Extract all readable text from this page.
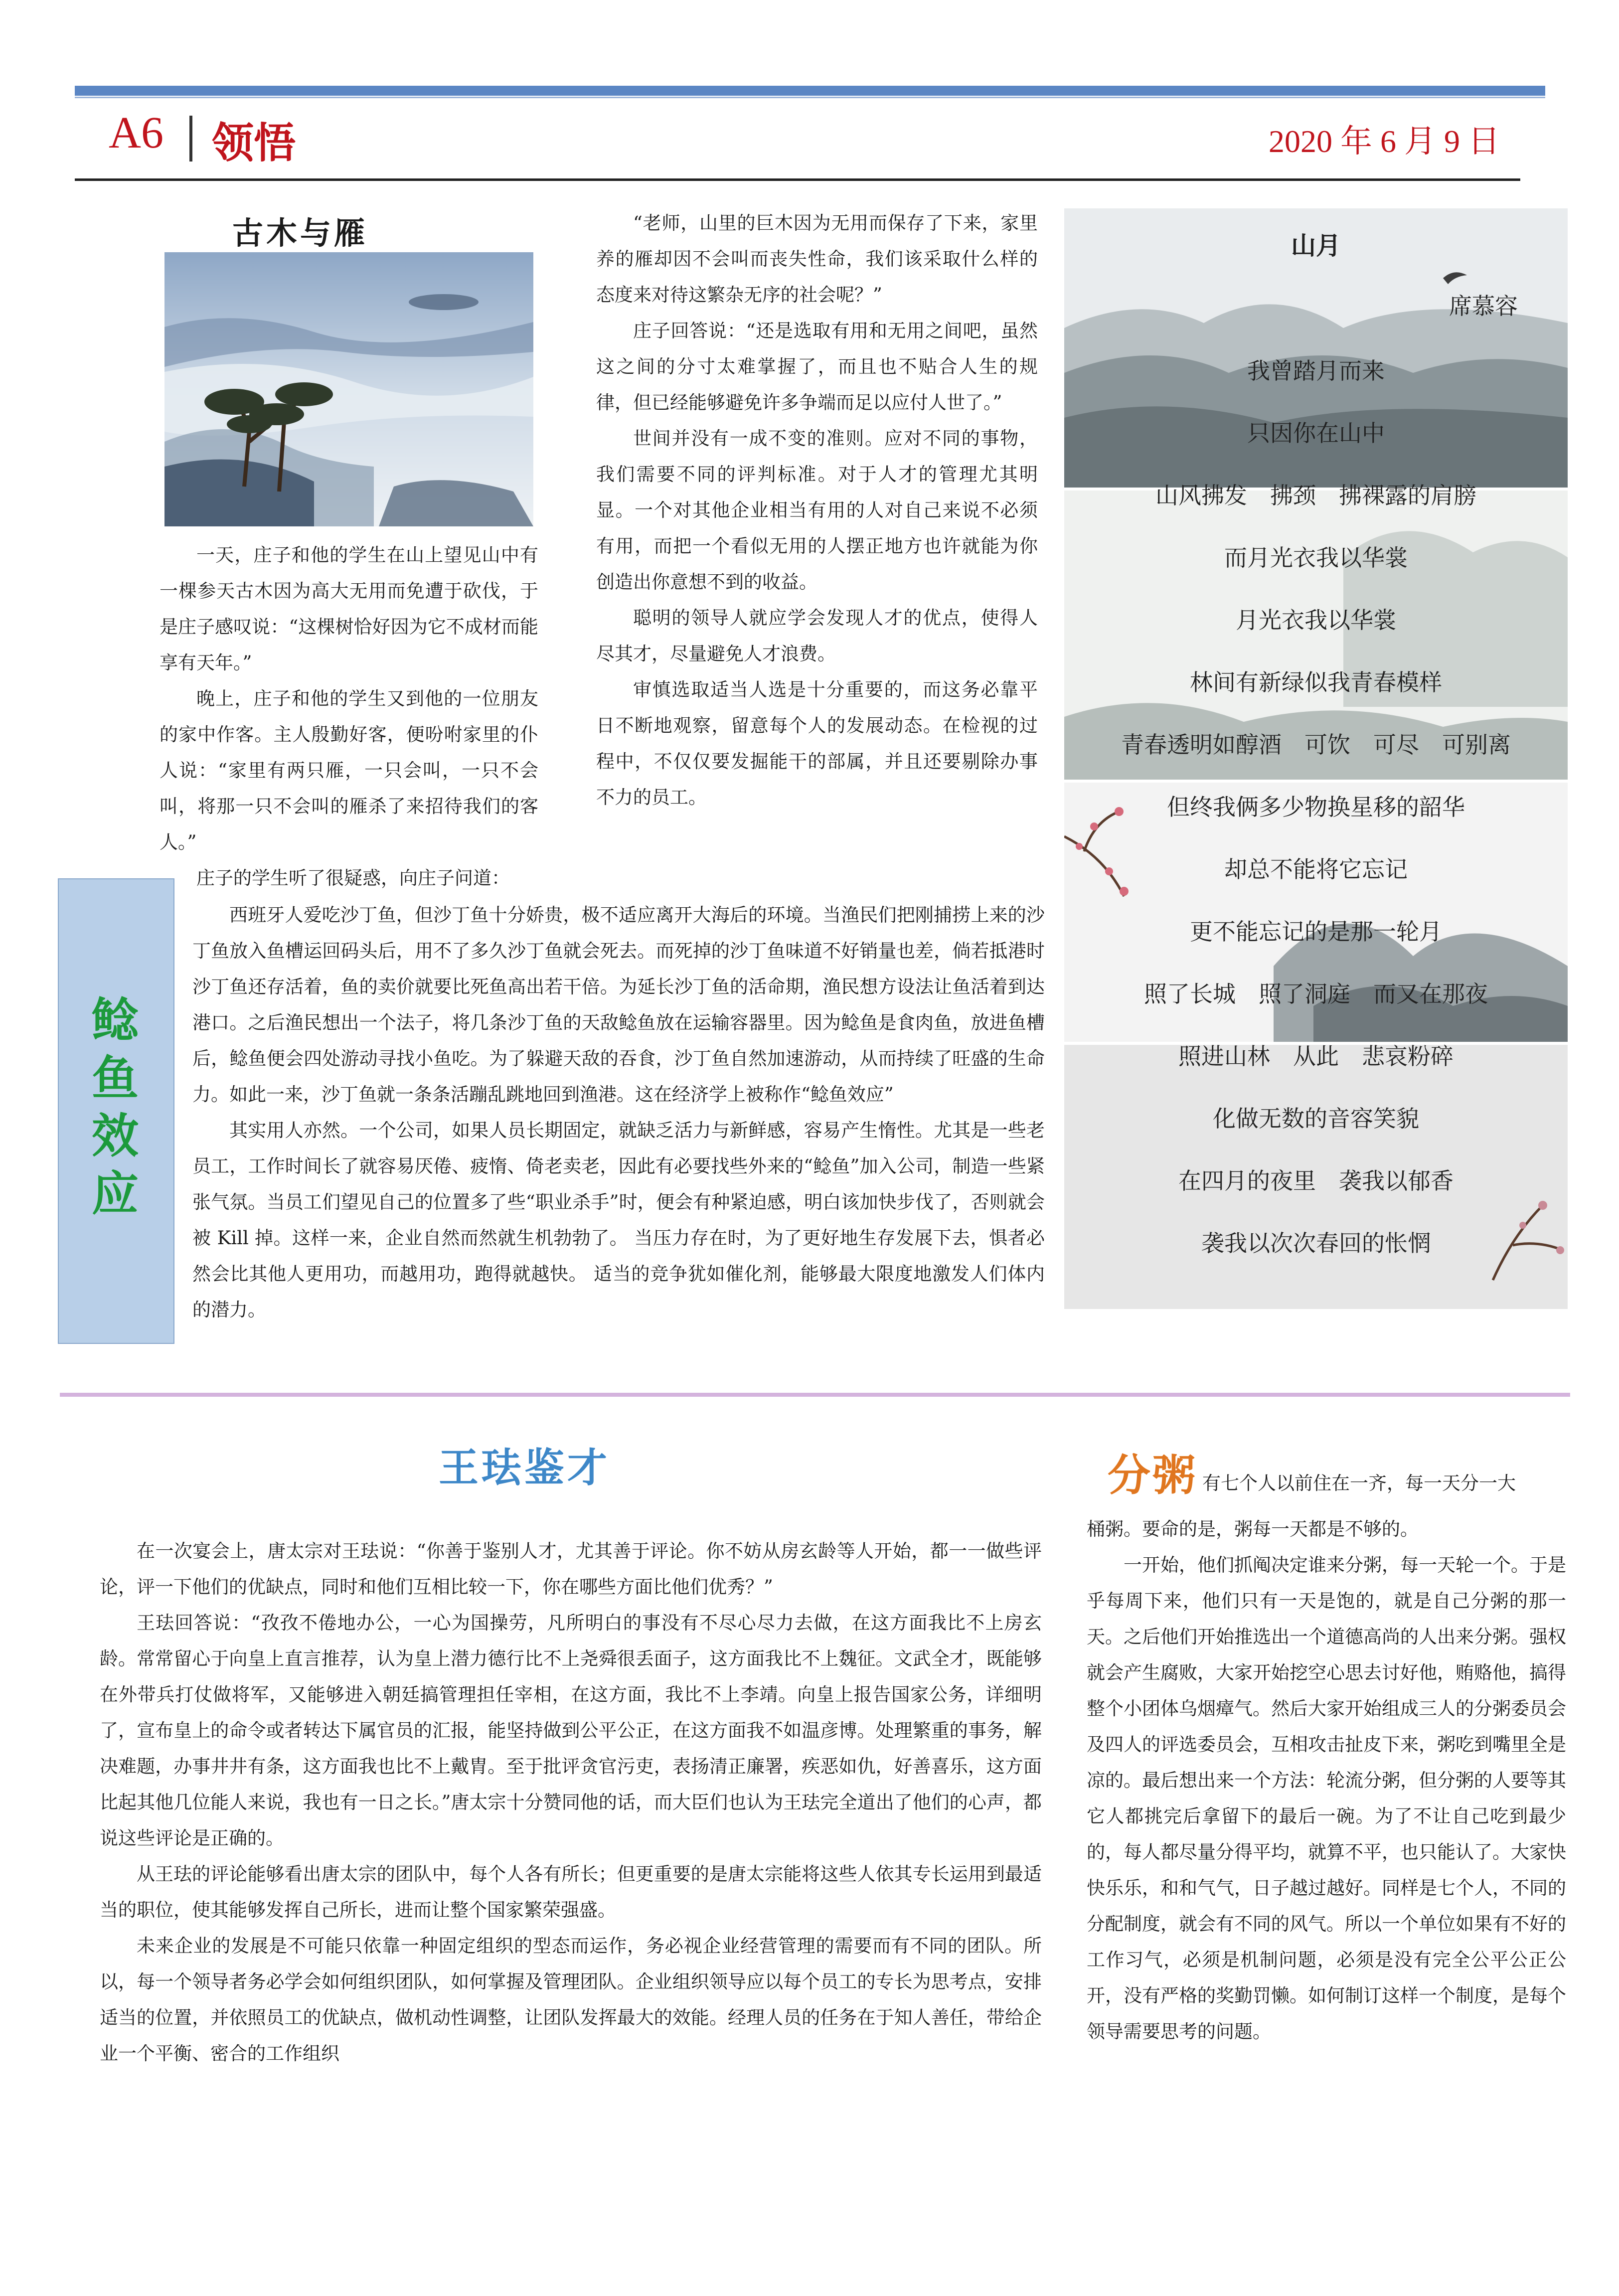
A6 领悟	2020 年 6 月 9 日
古木与雁

一天，庄子和他的学生在山上望见山中有一棵参天古木因为高大无用而免遭于砍伐，于是庄子感叹说：“这棵树恰好因为它不成材而能享有天年。”

晚上，庄子和他的学生又到他的一位朋友的家中作客。主人殷勤好客，便吩咐家里的仆人说：“家里有两只雁，一只会叫，一只不会叫，将那一只不会叫的雁杀了来招待我们的客人。”

庄子的学生听了很疑惑，向庄子问道：

“老师，山里的巨木因为无用而保存了下来，家里养的雁却因不会叫而丧失性命，我们该采取什么样的态度来对待这繁杂无序的社会呢？”

庄子回答说：“还是选取有用和无用之间吧，虽然这之间的分寸太难掌握了，而且也不贴合人生的规律，但已经能够避免许多争端而足以应付人世了。”

世间并没有一成不变的准则。应对不同的事物，我们需要不同的评判标准。对于人才的管理尤其明显。一个对其他企业相当有用的人对自己来说不必须有用，而把一个看似无用的人摆正地方也许就能为你创造出你意想不到的收益。

聪明的领导人就应学会发现人才的优点，使得人尽其才，尽量避免人才浪费。

审慎选取适当人选是十分重要的，而这务必靠平日不断地观察，留意每个人的发展动态。在检视的过程中，不仅仅要发掘能干的部属，并且还要剔除办事不力的员工。

山月
席慕容
我曾踏月而来
只因你在山中
山风拂发　拂颈　拂裸露的肩膀
而月光衣我以华裳
月光衣我以华裳
林间有新绿似我青春模样
青春透明如醇酒　可饮　可尽　可别离
但终我俩多少物换星移的韶华
却总不能将它忘记
更不能忘记的是那一轮月
照了长城　照了洞庭　而又在那夜
照进山林　从此　悲哀粉碎
化做无数的音容笑貌
在四月的夜里　袭我以郁香
袭我以次次春回的怅惘
鲶
鱼
效
应

西班牙人爱吃沙丁鱼，但沙丁鱼十分娇贵，极不适应离开大海后的环境。当渔民们把刚捕捞上来的沙丁鱼放入鱼槽运回码头后，用不了多久沙丁鱼就会死去。而死掉的沙丁鱼味道不好销量也差，倘若抵港时沙丁鱼还存活着，鱼的卖价就要比死鱼高出若干倍。为延长沙丁鱼的活命期，渔民想方设法让鱼活着到达港口。之后渔民想出一个法子，将几条沙丁鱼的天敌鲶鱼放在运输容器里。因为鲶鱼是食肉鱼，放进鱼槽后，鲶鱼便会四处游动寻找小鱼吃。为了躲避天敌的吞食，沙丁鱼自然加速游动，从而持续了旺盛的生命力。如此一来，沙丁鱼就一条条活蹦乱跳地回到渔港。这在经济学上被称作“鲶鱼效应”

其实用人亦然。一个公司，如果人员长期固定，就缺乏活力与新鲜感，容易产生惰性。尤其是一些老员工，工作时间长了就容易厌倦、疲惰、倚老卖老，因此有必要找些外来的“鲶鱼”加入公司，制造一些紧张气氛。当员工们望见自己的位置多了些“职业杀手”时，便会有种紧迫感，明白该加快步伐了，否则就会被 Kill 掉。这样一来，企业自然而然就生机勃勃了。 当压力存在时，为了更好地生存发展下去，惧者必然会比其他人更用功，而越用功，跑得就越快。 适当的竞争犹如催化剂，能够最大限度地激发人们体内的潜力。

王珐鉴才

在一次宴会上，唐太宗对王珐说：“你善于鉴别人才，尤其善于评论。你不妨从房玄龄等人开始，都一一做些评论，评一下他们的优缺点，同时和他们互相比较一下，你在哪些方面比他们优秀？”

王珐回答说：“孜孜不倦地办公，一心为国操劳，凡所明白的事没有不尽心尽力去做，在这方面我比不上房玄龄。常常留心于向皇上直言推荐，认为皇上潜力德行比不上尧舜很丢面子，这方面我比不上魏征。文武全才，既能够在外带兵打仗做将军，又能够进入朝廷搞管理担任宰相，在这方面，我比不上李靖。向皇上报告国家公务，详细明了，宣布皇上的命令或者转达下属官员的汇报，能坚持做到公平公正，在这方面我不如温彦博。处理繁重的事务，解决难题，办事井井有条，这方面我也比不上戴胄。至于批评贪官污吏，表扬清正廉署，疾恶如仇，好善喜乐，这方面比起其他几位能人来说，我也有一日之长。”唐太宗十分赞同他的话，而大臣们也认为王珐完全道出了他们的心声，都说这些评论是正确的。

从王珐的评论能够看出唐太宗的团队中，每个人各有所长；但更重要的是唐太宗能将这些人依其专长运用到最适当的职位，使其能够发挥自己所长，进而让整个国家繁荣强盛。

未来企业的发展是不可能只依靠一种固定组织的型态而运作，务必视企业经营管理的需要而有不同的团队。所以，每一个领导者务必学会如何组织团队，如何掌握及管理团队。企业组织领导应以每个员工的专长为思考点，安排适当的位置，并依照员工的优缺点，做机动性调整，让团队发挥最大的效能。经理人员的任务在于知人善任，带给企业一个平衡、密合的工作组织

分粥 有七个人以前住在一齐，每一天分一大

桶粥。要命的是，粥每一天都是不够的。

一开始，他们抓阄决定谁来分粥，每一天轮一个。于是乎每周下来，他们只有一天是饱的，就是自己分粥的那一天。之后他们开始推选出一个道德高尚的人出来分粥。强权就会产生腐败，大家开始挖空心思去讨好他，贿赂他，搞得整个小团体乌烟瘴气。然后大家开始组成三人的分粥委员会及四人的评选委员会，互相攻击扯皮下来，粥吃到嘴里全是凉的。最后想出来一个方法：轮流分粥，但分粥的人要等其它人都挑完后拿留下的最后一碗。为了不让自己吃到最少的，每人都尽量分得平均，就算不平，也只能认了。大家快快乐乐，和和气气，日子越过越好。同样是七个人，不同的分配制度，就会有不同的风气。所以一个单位如果有不好的工作习气，必须是机制问题，必须是没有完全公平公正公开，没有严格的奖勤罚懒。如何制订这样一个制度，是每个领导需要思考的问题。
